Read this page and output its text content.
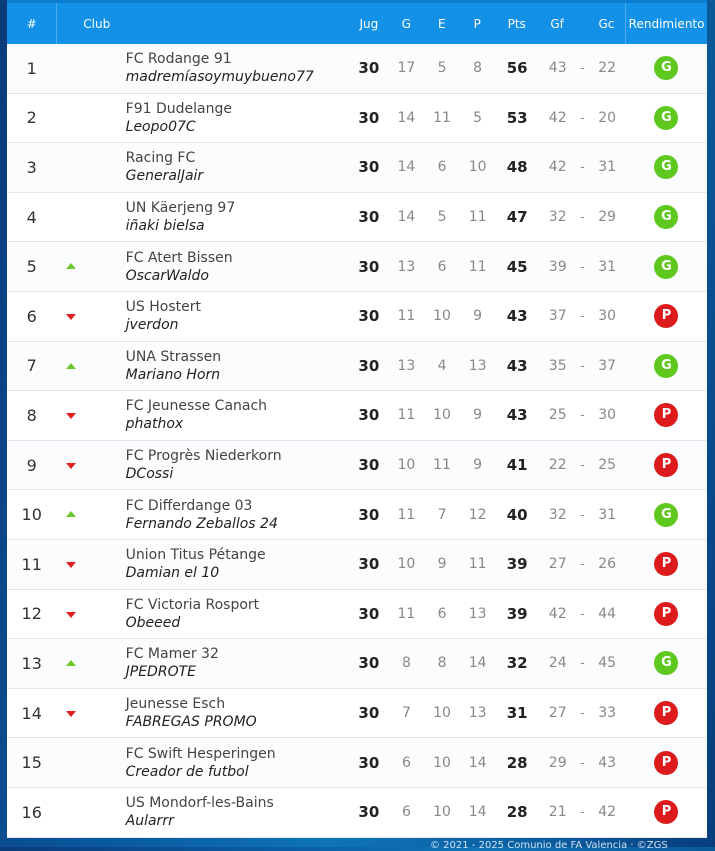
#	Club	Jug	G	E	P	Pts	Gf	Gc	Rendimiento
1	FC Rodange 91
madremíasoymuybueno77	30	17	5	8	56	43	- 22	G
2	F91 Dudelange
Leopo07C	30	14	11	5	53	42	- 20	G
3	Racing FC
GeneralJair	30	14	6	10	48	42	- 31	G
4	UN Käerjeng 97
iñaki bielsa	30	14	5	11	47	32	- 29	G
5	FC Atert Bissen
OscarWaldo	30	13	6	11	45	39	- 31	G
6	US Hostert
jverdon	30	11	10	9	43	37	- 30	P
7	UNA Strassen
Mariano Horn	30	13	4	13	43	35	- 37	G
8	FC Jeunesse Canach
phathox	30	11	10	9	43	25	- 30	P
9	FC Progrès Niederkorn
DCossi	30	10	11	9	41	22	- 25	P
10	FC Differdange 03
Fernando Zeballos 24	30	11	7	12	40	32	- 31	G
11	Union Titus Pétange
Damian el 10	30	10	9	11	39	27	- 26	P
12	FC Victoria Rosport
Obeeed	30	11	6	13	39	42	- 44	P
13	FC Mamer 32
JPEDROTE	30	8	8	14	32	24	- 45	G
14	Jeunesse Esch
FABREGAS PROMO	30	7	10	13	31	27	- 33	P
15	FC Swift Hesperingen
Creador de futbol	30	6	10	14	28	29	- 43	P
16	US Mondorf-les-Bains
Aularrr	30	6	10	14	28	21	- 42	P
© 2021 - 2025 Comunio de FA Valencia · ©ZGS
